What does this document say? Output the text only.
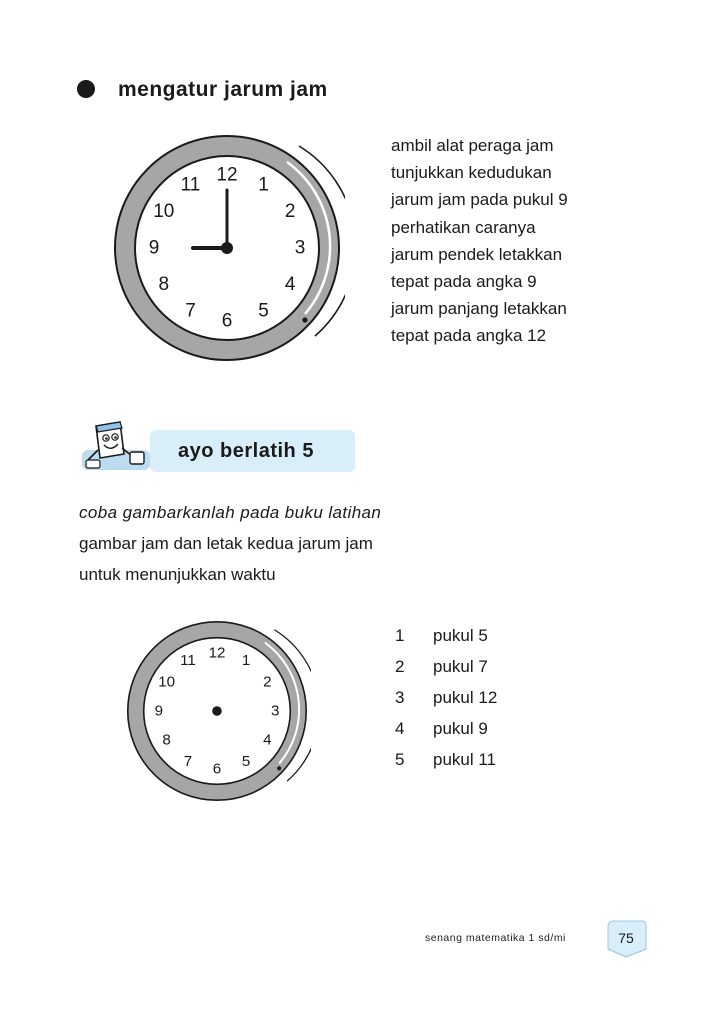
mengatur jarum jam
12 1
2
3
4
5
6
7
8
9
10
11
ambil alat peraga jam
tunjukkan kedudukan
jarum jam pada pukul 9
perhatikan caranya
jarum pendek letakkan
tepat pada angka 9
jarum panjang letakkan
tepat pada angka 12
ayo berlatih 5
coba gambarkanlah pada buku latihan
gambar jam dan letak kedua jarum jam
untuk menunjukkan waktu
12 1
2
3
4
5
6
7
8
9
10
11
1	pukul 5
2	pukul 7
3	pukul 12
4	pukul 9
5	pukul 11
senang matematika 1 sd/mi	75
